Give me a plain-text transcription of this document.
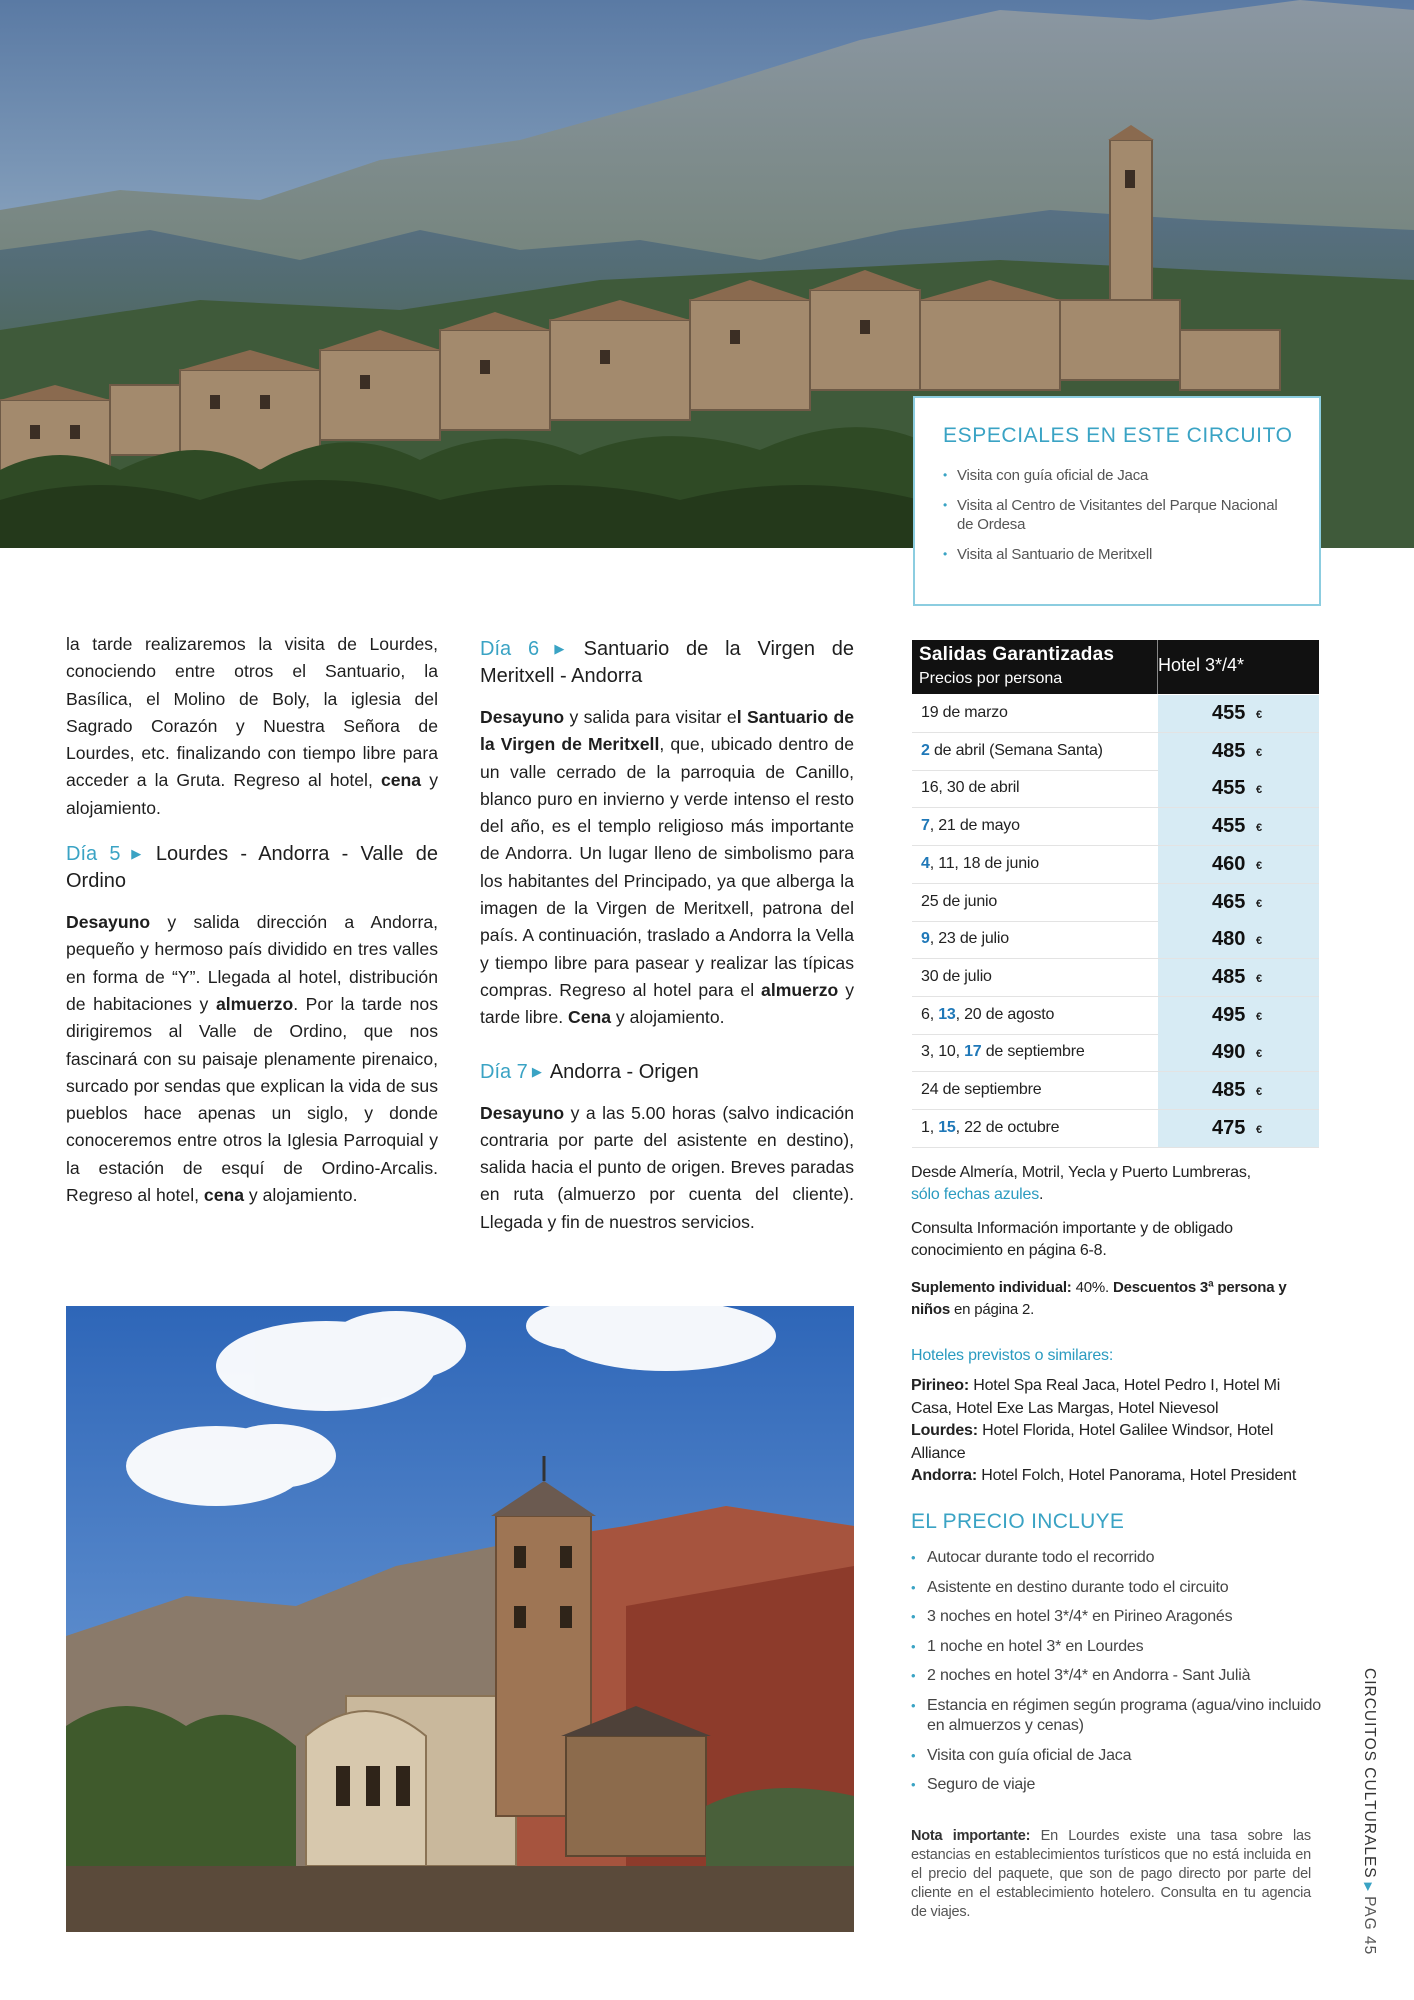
ESPECIALES EN ESTE CIRCUITO
• Visita con guía oficial de Jaca
• Visita al Centro de Visitantes del Parque Nacional de Ordesa
• Visita al Santuario de Meritxell

la tarde realizaremos la visita de Lourdes, conociendo entre otros el Santuario, la Basílica, el Molino de Boly, la iglesia del Sagrado Corazón y Nuestra Señora de Lourdes, etc. finalizando con tiempo libre para acceder a la Gruta. Regreso al hotel, cena y alojamiento.

Día 5 ▶ Lourdes - Andorra - Valle de Ordino

Desayuno y salida dirección a Andorra, pequeño y hermoso país dividido en tres valles en forma de “Y”. Llegada al hotel, distribución de habitaciones y almuerzo. Por la tarde nos dirigiremos al Valle de Ordino, que nos fascinará con su paisaje plenamente pirenaico, surcado por sendas que explican la vida de sus pueblos hace apenas un siglo, y donde conoceremos entre otros la Iglesia Parroquial y la estación de esquí de Ordino-Arcalis. Regreso al hotel, cena y alojamiento.

Día 6 ▶ Santuario de la Virgen de Meritxell - Andorra

Desayuno y salida para visitar el Santuario de la Virgen de Meritxell, que, ubicado dentro de un valle cerrado de la parroquia de Canillo, blanco puro en invierno y verde intenso el resto del año, es el templo religioso más importante de Andorra. Un lugar lleno de simbolismo para los habitantes del Principado, ya que alberga la imagen de la Virgen de Meritxell, patrona del país. A continuación, traslado a Andorra la Vella y tiempo libre para pasear y realizar las típicas compras. Regreso al hotel para el almuerzo y tarde libre. Cena y alojamiento.

Día 7 ▶ Andorra - Origen

Desayuno y a las 5.00 horas (salvo indicación contraria por parte del asistente en destino), salida hacia el punto de origen. Breves paradas en ruta (almuerzo por cuenta del cliente). Llegada y fin de nuestros servicios.

Salidas Garantizadas
Precios por persona
Hotel 3*/4*
19 de marzo	455 €
2 de abril (Semana Santa)	485 €
16, 30 de abril	455 €
7, 21 de mayo	455 €
4, 11, 18 de junio	460 €
25 de junio	465 €
9, 23 de julio	480 €
30 de julio	485 €
6, 13, 20 de agosto	495 €
3, 10, 17 de septiembre	490 €
24 de septiembre	485 €
1, 15, 22 de octubre	475 €
Desde Almería, Motril, Yecla y Puerto Lumbreras,
sólo fechas azules.
Consulta Información importante y de obligado conocimiento en página 6-8.
Suplemento individual: 40%. Descuentos 3ª persona y niños en página 2.
Hoteles previstos o similares:
Pirineo: Hotel Spa Real Jaca, Hotel Pedro I, Hotel Mi Casa, Hotel Exe Las Margas, Hotel Nievesol
Lourdes: Hotel Florida, Hotel Galilee Windsor, Hotel Alliance
Andorra: Hotel Folch, Hotel Panorama, Hotel President
EL PRECIO INCLUYE
• Autocar durante todo el recorrido
• Asistente en destino durante todo el circuito
• 3 noches en hotel 3*/4* en Pirineo Aragonés
• 1 noche en hotel 3* en Lourdes
• 2 noches en hotel 3*/4* en Andorra - Sant Julià
• Estancia en régimen según programa (agua/vino incluido en almuerzos y cenas)
• Visita con guía oficial de Jaca
• Seguro de viaje
Nota importante: En Lourdes existe una tasa sobre las estancias en establecimientos turísticos que no está incluida en el precio del paquete, que son de pago directo por parte del cliente en el establecimiento hotelero. Consulta en tu agencia de viajes.
CIRCUITOS CULTURALES▶PAG 45
